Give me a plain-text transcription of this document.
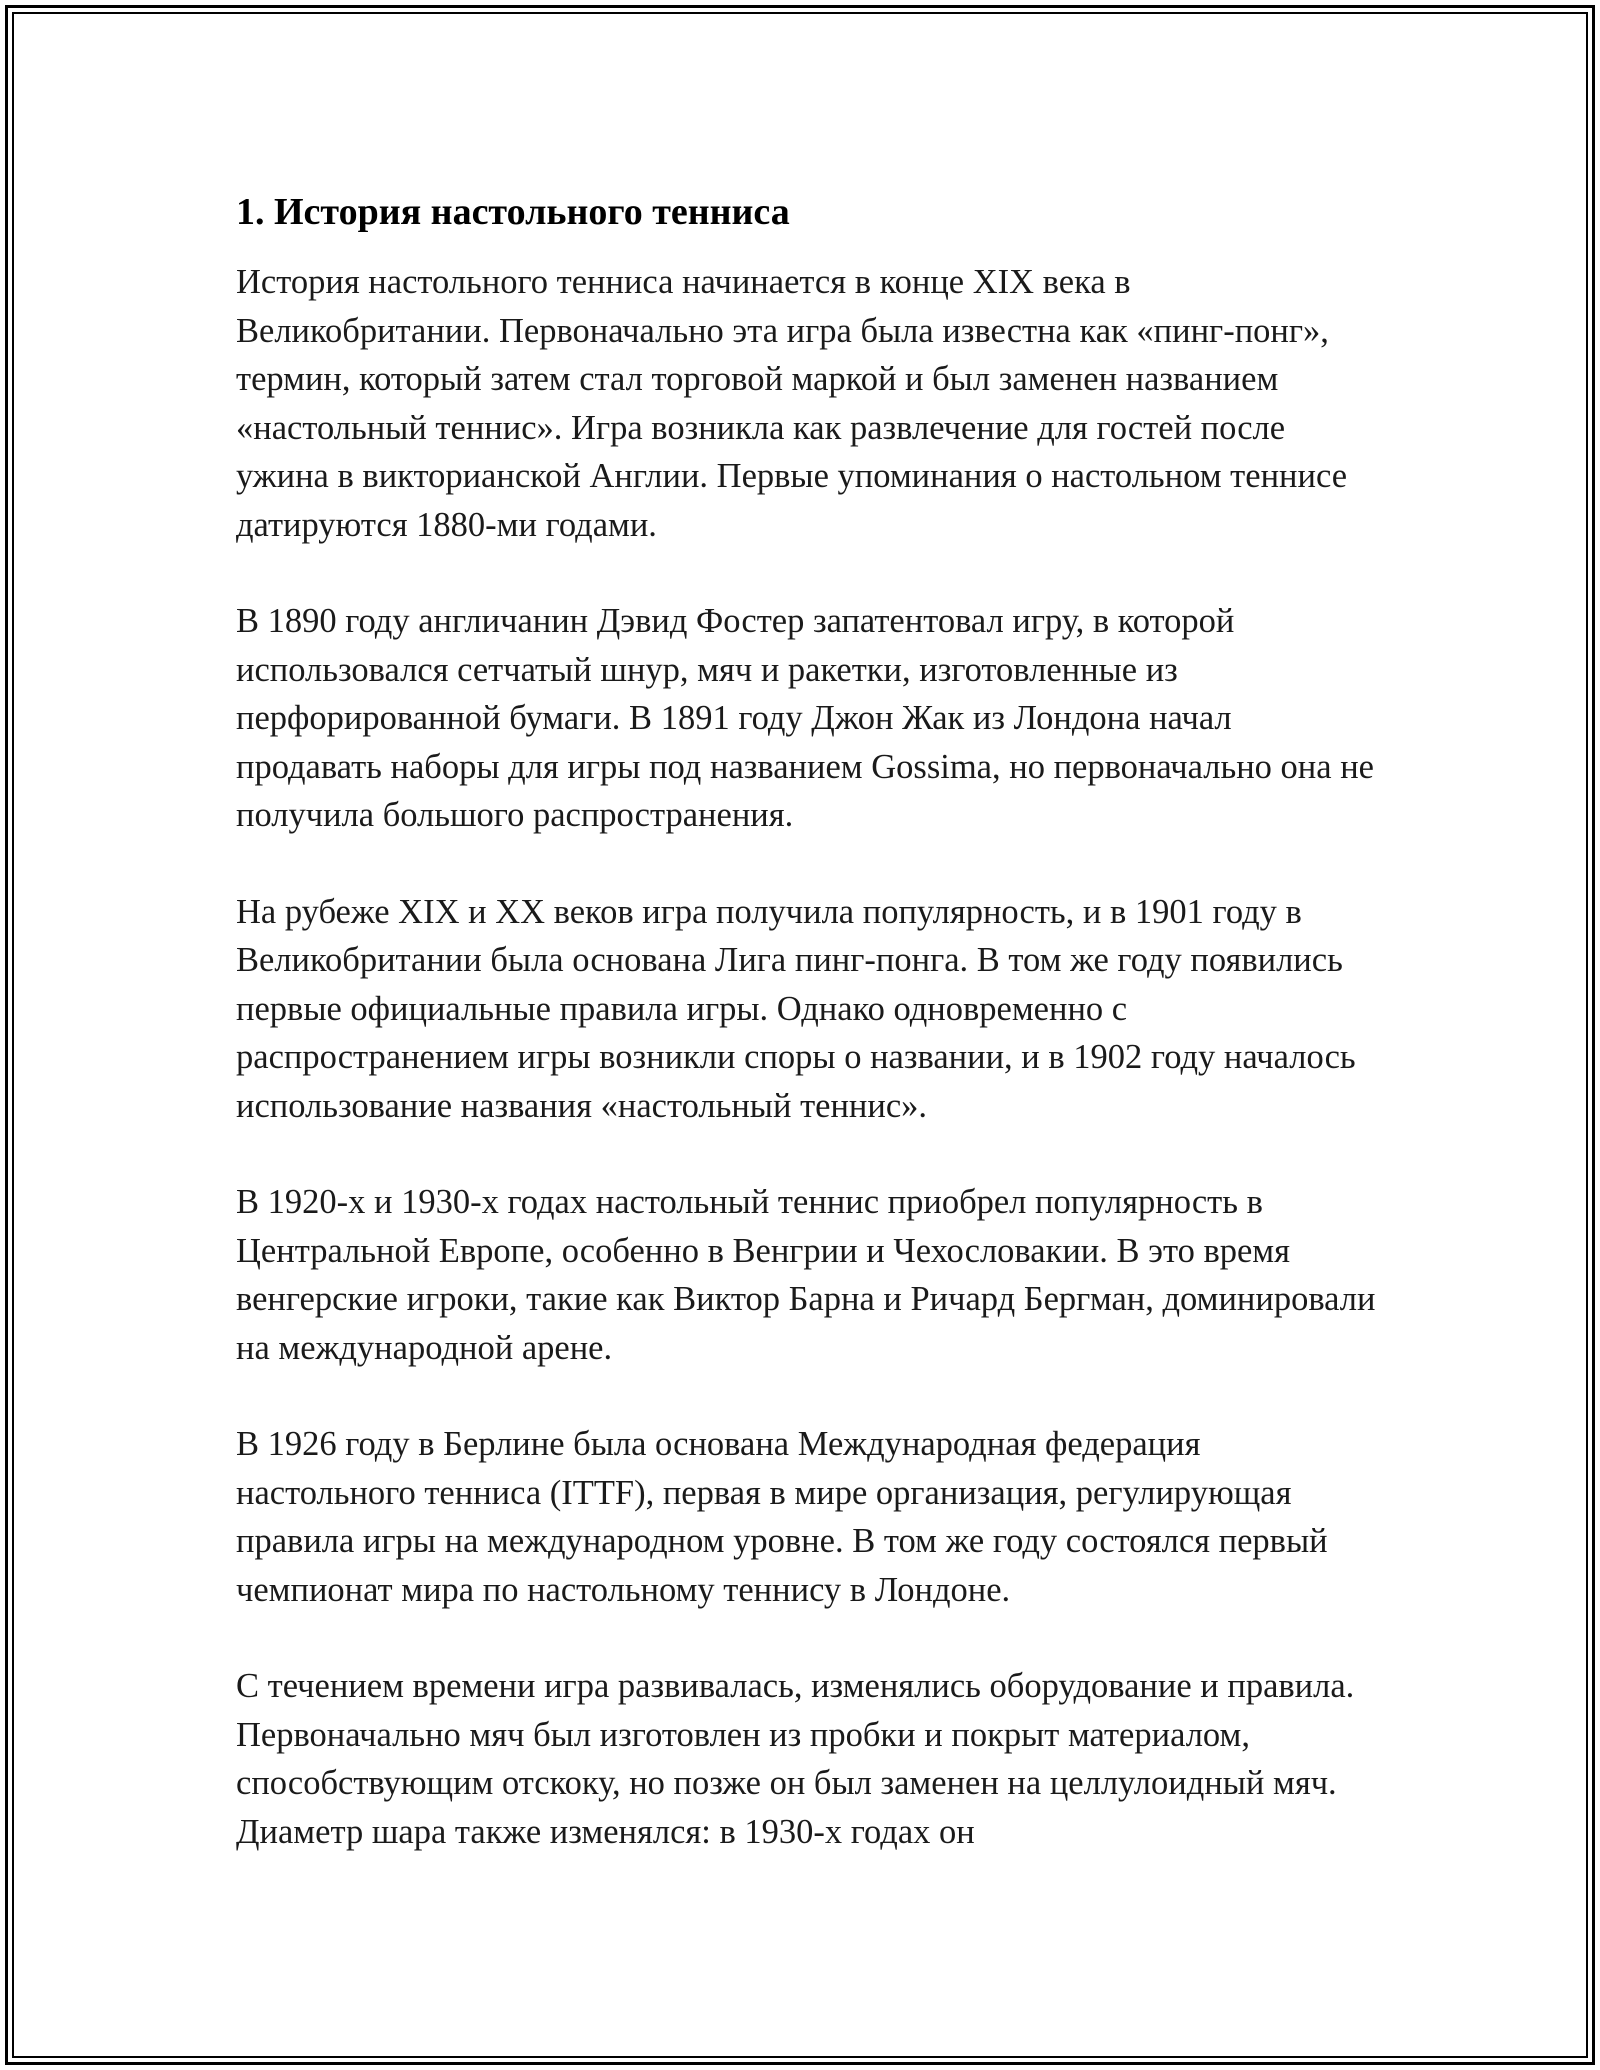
1. История настольного тенниса

История настольного тенниса начинается в конце XIX века в Великобритании. Первоначально эта игра была известна как «пинг-понг», термин, который затем стал торговой маркой и был заменен названием «настольный теннис». Игра возникла как развлечение для гостей после ужина в викторианской Англии. Первые упоминания о настольном теннисе датируются 1880-ми годами.

В 1890 году англичанин Дэвид Фостер запатентовал игру, в которой использовался сетчатый шнур, мяч и ракетки, изготовленные из перфорированной бумаги. В 1891 году Джон Жак из Лондона начал продавать наборы для игры под названием Gossima, но первоначально она не получила большого распространения.

На рубеже XIX и XX веков игра получила популярность, и в 1901 году в Великобритании была основана Лига пинг-понга. В том же году появились первые официальные правила игры. Однако одновременно с распространением игры возникли споры о названии, и в 1902 году началось использование названия «настольный теннис».

В 1920-х и 1930-х годах настольный теннис приобрел популярность в Центральной Европе, особенно в Венгрии и Чехословакии. В это время венгерские игроки, такие как Виктор Барна и Ричард Бергман, доминировали на международной арене.

В 1926 году в Берлине была основана Международная федерация настольного тенниса (ITTF), первая в мире организация, регулирующая правила игры на международном уровне. В том же году состоялся первый чемпионат мира по настольному теннису в Лондоне.

С течением времени игра развивалась, изменялись оборудование и правила. Первоначально мяч был изготовлен из пробки и покрыт материалом, способствующим отскоку, но позже он был заменен на целлулоидный мяч. Диаметр шара также изменялся: в 1930-х годах он
